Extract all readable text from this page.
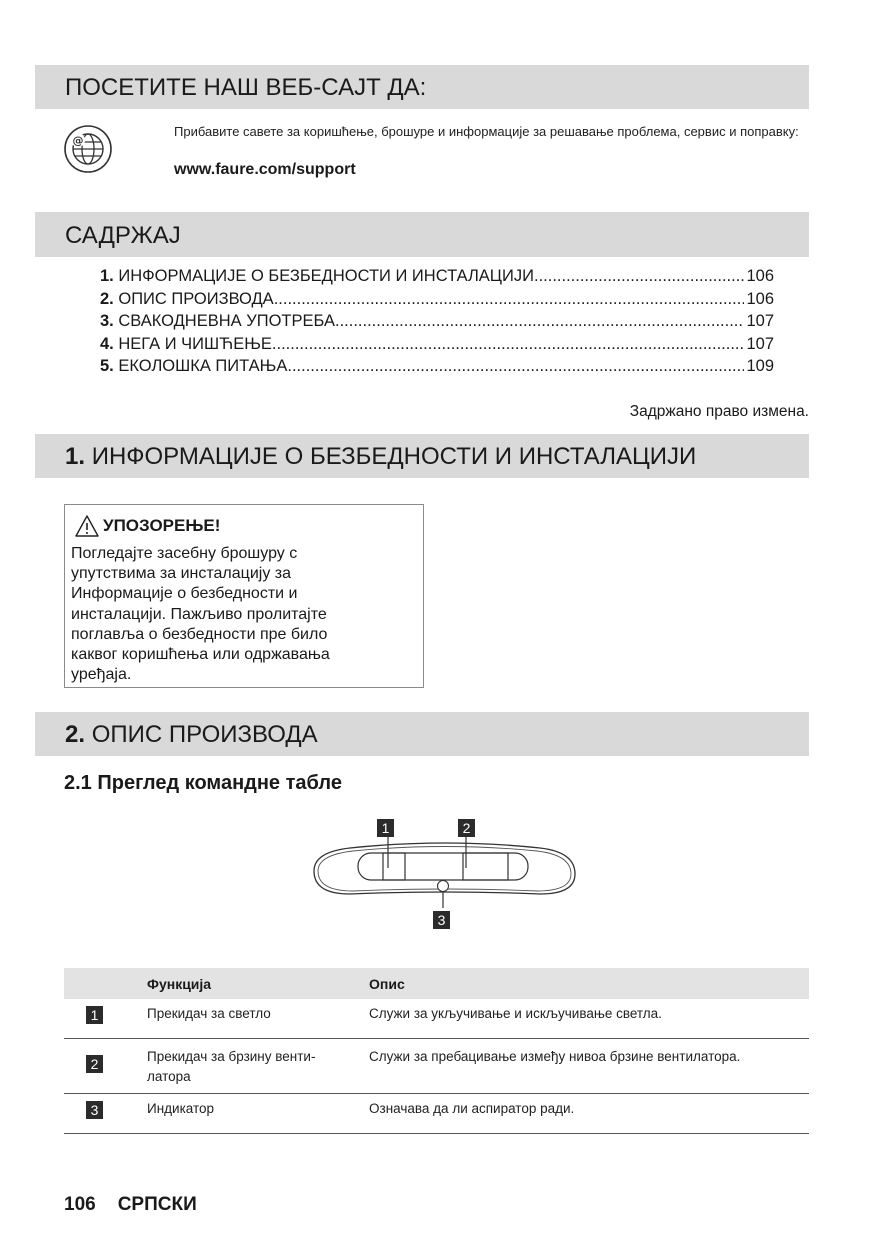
ПОСЕТИТЕ НАШ ВЕБ-САЈТ ДА:
@
Прибавите савете за коришћење, брошуре и информације за решавање проблема, сервис и поправку:
www.faure.com/support
САДРЖАЈ
1. ИНФОРМАЦИЈЕ О БЕЗБЕДНОСТИ И ИНСТАЛАЦИЈИ .....	106
2. ОПИС ПРОИЗВОДА .....	106
3. СВАКОДНЕВНА УПОТРЕБА .....	107
4. НЕГА И ЧИШЋЕЊЕ .....	107
5. ЕКОЛОШКА ПИТАЊА .....	109
Задржано право измена.
1. ИНФОРМАЦИЈЕ О БЕЗБЕДНОСТИ И ИНСТАЛАЦИЈИ
УПОЗОРЕЊЕ!
Погледајте засебну брошуру с
упутствима за инсталацију за
Информације о безбедности и
инсталацији. Пажљиво пролитајте
поглавља о безбедности пре било
каквог коришћења или одржавања
уређаја.
2. ОПИС ПРОИЗВОДА
2.1 Преглед командне табле
1	2
3
	Функција	Опис
1	Прекидач за светло	Служи за укључивање и искључивање светла.
2	Прекидач за брзину венти-
латора	Служи за пребацивање између нивоа брзине вентилатора.
3	Индикатор	Означава да ли аспиратор ради.
106 СРПСКИ
